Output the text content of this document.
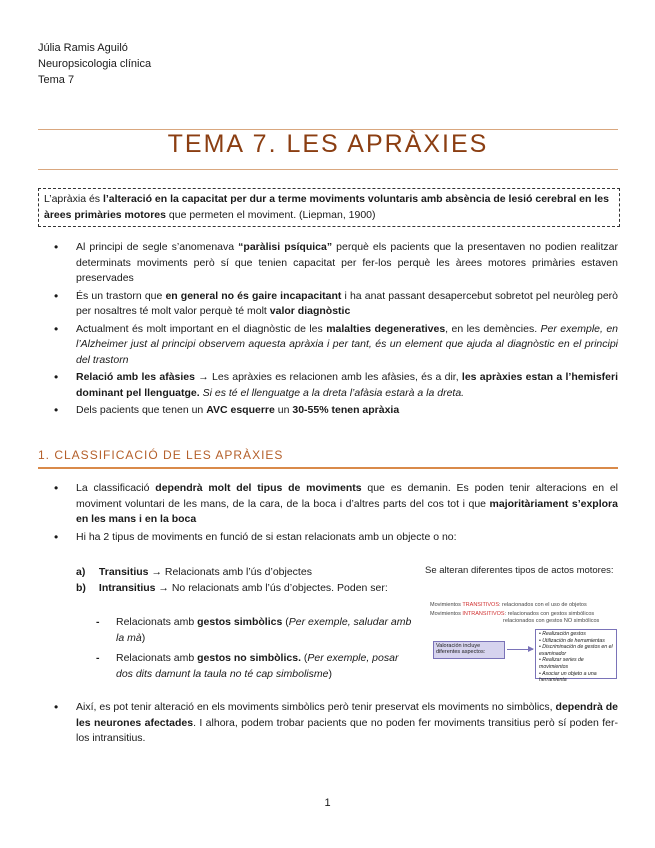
Júlia Ramis Aguiló
Neuropsicologia clínica
Tema 7
TEMA 7. LES APRÀXIES
L’apràxia és l’alteració en la capacitat per dur a terme moviments voluntaris amb absència de lesió cerebral en les àrees primàries motores que permeten el moviment. (Liepman, 1900)
• Al principi de segle s’anomenava “paràlisi psíquica” perquè els pacients que la presentaven no podien realitzar determinats moviments però sí que tenien capacitat per fer-los perquè les àrees motores primàries estaven preservades
• És un trastorn que en general no és gaire incapacitant i ha anat passant desapercebut sobretot pel neuròleg però per nosaltres té molt valor perquè té molt valor diagnòstic
• Actualment és molt important en el diagnòstic de les malalties degeneratives, en les demències. Per exemple, en l’Alzheimer just al principi observem aquesta apràxia i per tant, és un element que ajuda al diagnòstic en el principi del trastorn
• Relació amb les afàsies → Les apràxies es relacionen amb les afàsies, és a dir, les apràxies estan a l’hemisferi dominant pel llenguatge. Si es té el llenguatge a la dreta l’afàsia estarà a la dreta.
• Dels pacients que tenen un AVC esquerre un 30-55% tenen apràxia
1. CLASSIFICACIÓ DE LES APRÀXIES
• La classificació dependrà molt del tipus de moviments que es demanin. Es poden tenir alteracions en el moviment voluntari de les mans, de la cara, de la boca i d’altres parts del cos tot i que majoritàriament s’explora en les mans i en la boca
• Hi ha 2 tipus de moviments en funció de si estan relacionats amb un objecte o no:
a) Transitius → Relacionats amb l’ús d’objectes
b) Intransitius → No relacionats amb l’ús d’objectes. Poden ser:
-	Relacionats amb gestos simbòlics (Per exemple, saludar amb la mà)
-	Relacionats amb gestos no simbòlics. (Per exemple, posar dos dits damunt la taula no té cap simbolisme)
Se alteran diferentes tipos de actos motores:
Movimientos TRANSITIVOS: relacionados con el uso de objetos
Movimientos INTRANSITIVOS: relacionados con gestos simbólicos
relacionados con gestos NO simbólicos
Valoración incluye diferentes aspectos:
• Realización gestos
• Utilización de herramientas
• Discriminación de gestos en el examinador
• Realizar series de movimientos
• Asociar un objeto a una herramienta
• Així, es pot tenir alteració en els moviments simbòlics però tenir preservat els moviments no simbòlics, dependrà de les neurones afectades. I alhora, podem trobar pacients que no poden fer moviments transitius però sí poden fer-los intransitius.
1
